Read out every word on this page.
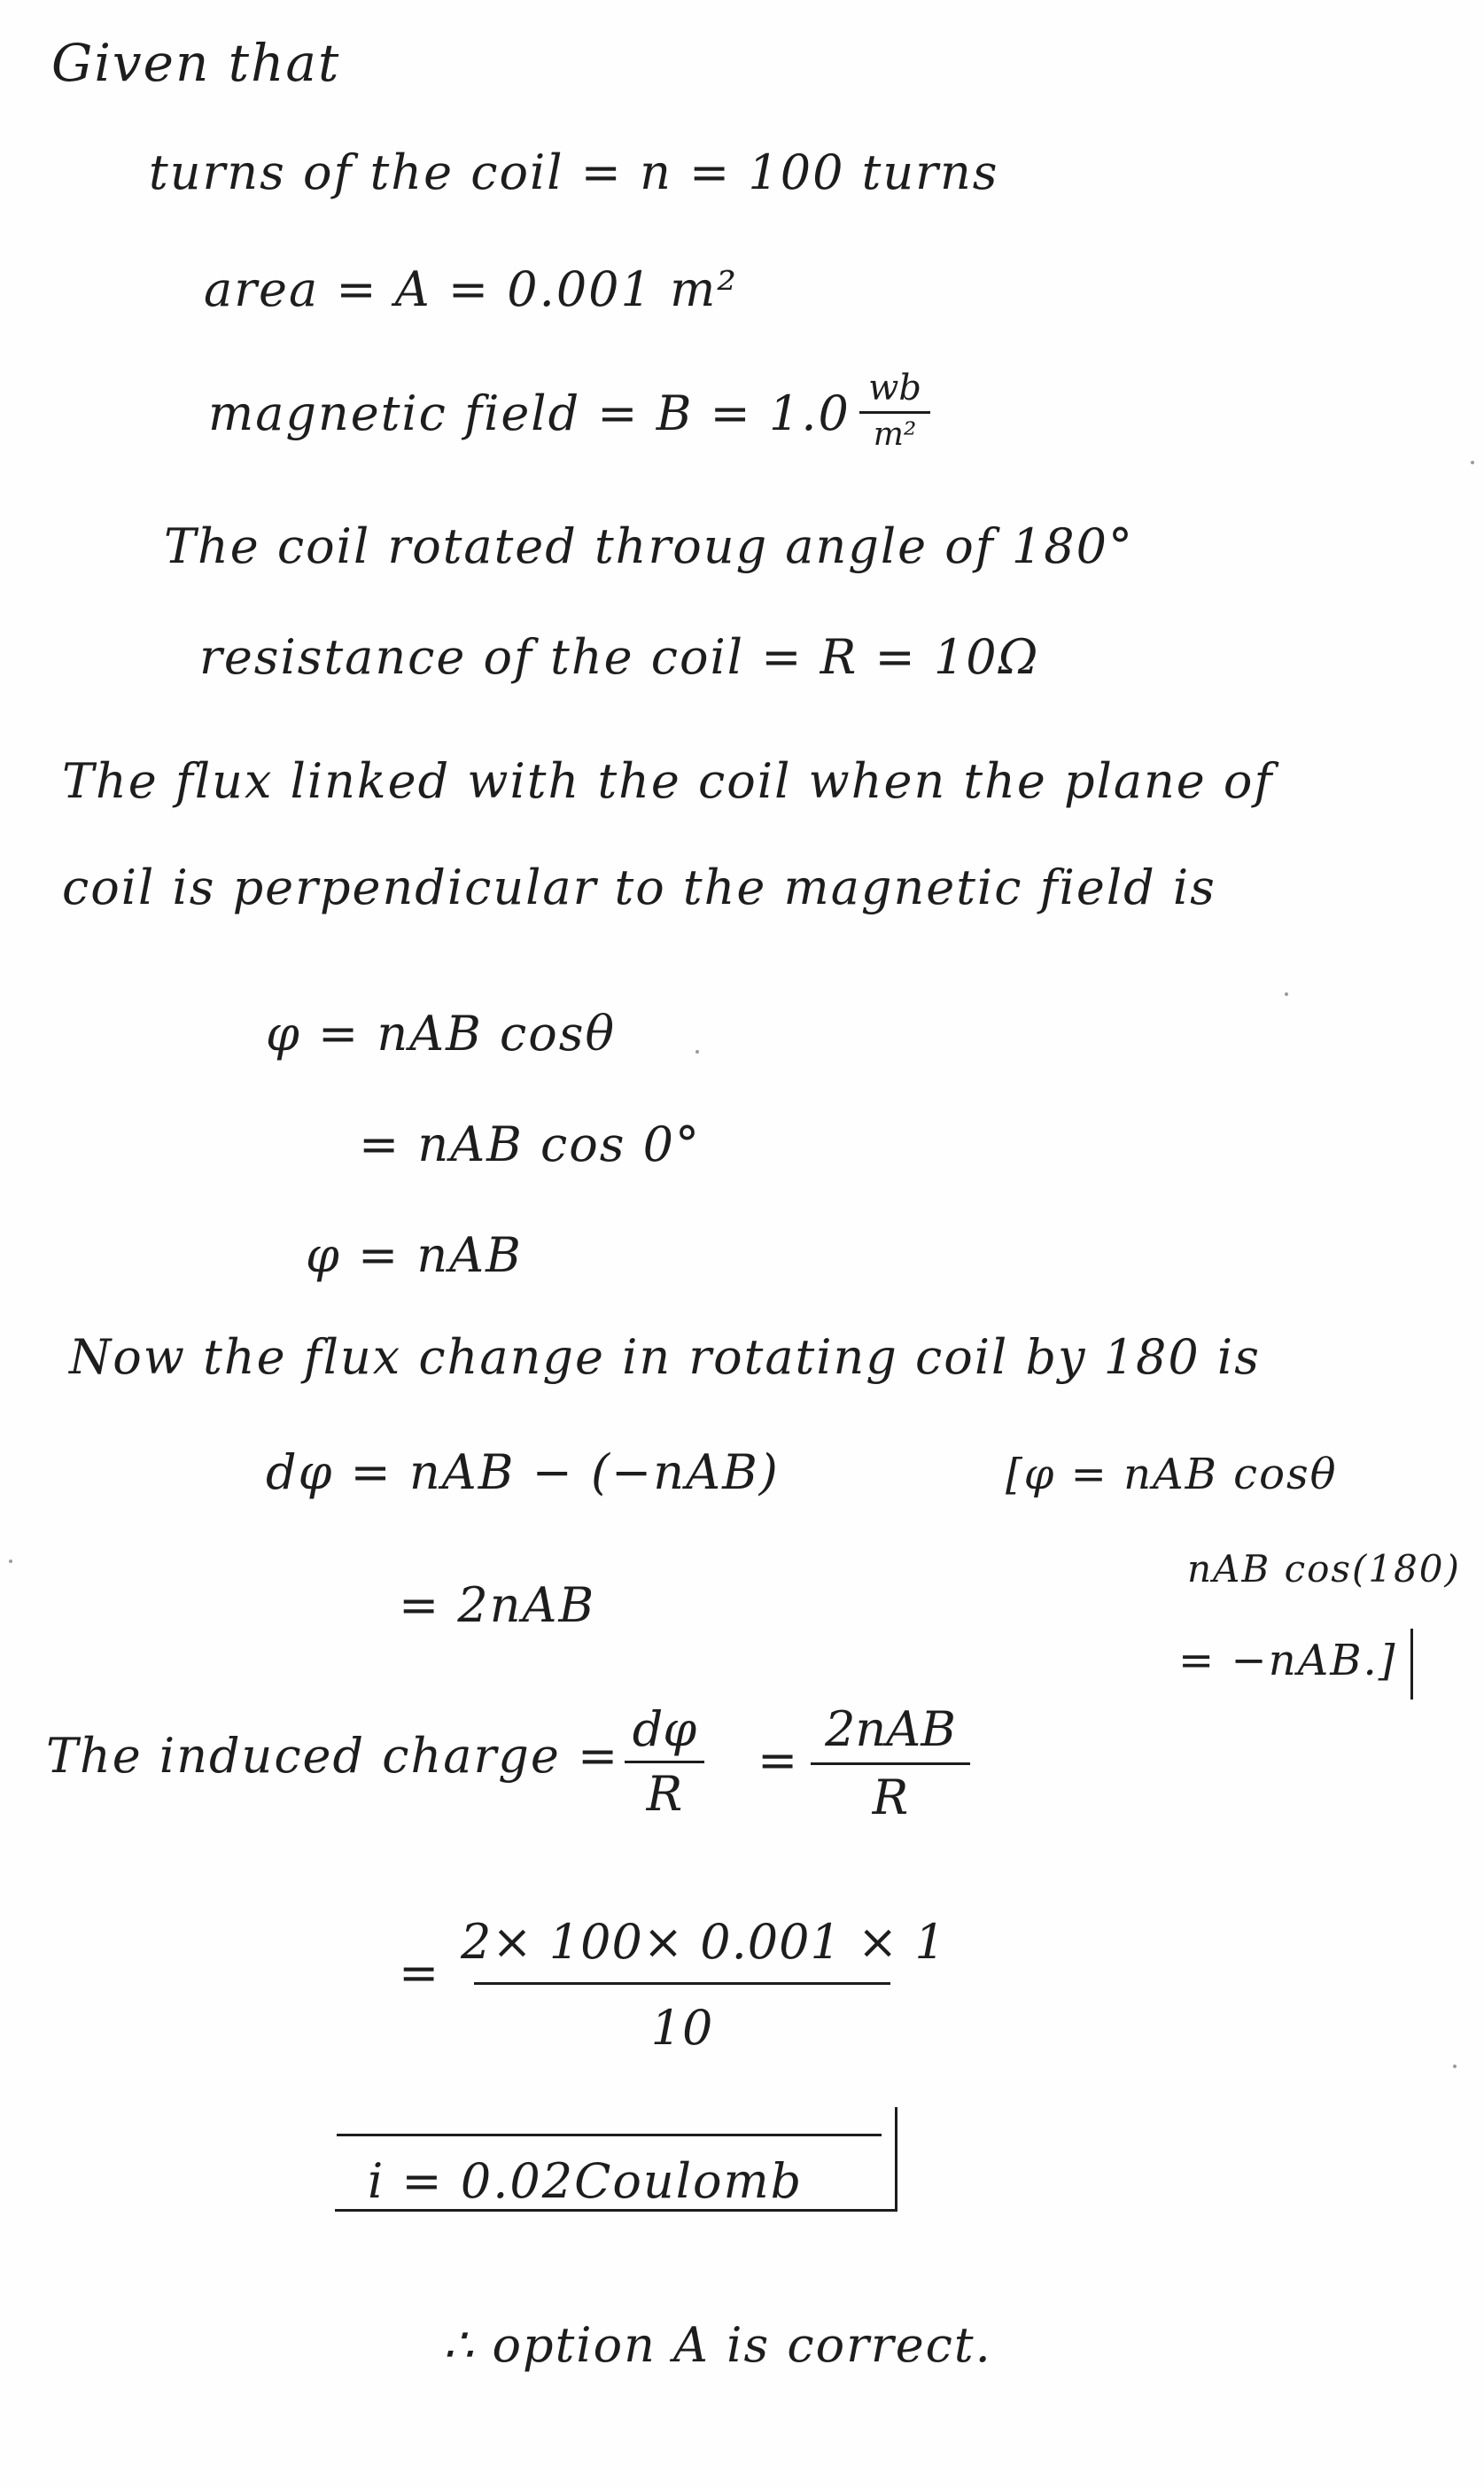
Given that
turns of the coil = n = 100 turns
area = A = 0.001 m²
magnetic field = B = 1.0 wb
m²
The coil rotated throug angle of 180°
resistance of the coil = R = 10Ω
The flux linked with the coil when the plane of
coil is perpendicular to the magnetic field is
φ = nAB cosθ
= nAB cos 0°
φ = nAB
Now the flux change in rotating coil by 180 is
dφ = nAB − (−nAB)	[φ = nAB cosθ
nAB cos(180)
= −nAB.]
= 2nAB
The induced charge = dφ
R
=
2nAB
R
=
2× 100× 0.001 × 1
10
i = 0.02Coulomb
∴ option A is correct.
